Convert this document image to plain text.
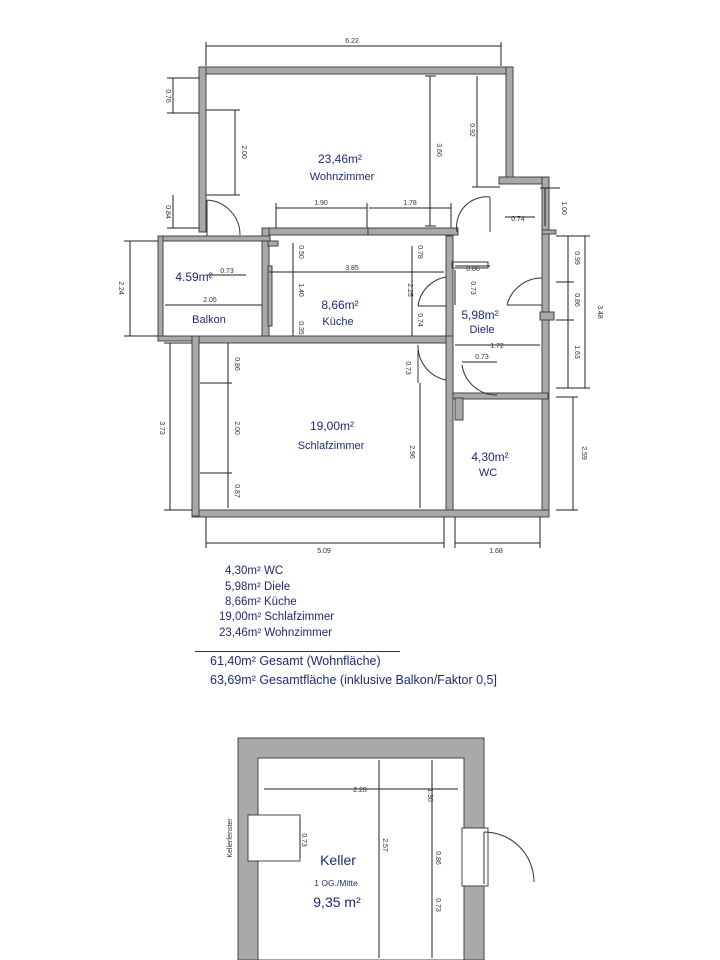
6.22
0.76
2.00
0.84
3.60
0.92
1.00
0.74
1.90	1.78
2.24
0.73
2.05
0.50
3.85
1.40
0.35
2.25
0.78
0.74
0.86
0.73
0.99
0.86
3.48
1.63
1.72
0.73
0.73
0.86
3.73	2.00
2.96
0.87
2.59
5.09	1.68
23,46m²
Wohnzimmer
8,66m²
Küche
4.59m²
Balkon	5,98m²
Diele
19,00m²
Schlafzimmer
4,30m²
WC
2.28	1.30
0.73	2.57
0.86
0.73
Keller
1 OG./Mitte
9,35 m²
Kellerfenster
4,30m² WC
5,98m² Diele
8,66m² Küche
19,00m² Schlafzimmer
23,46m² Wohnzimmer
61,40m² Gesamt (Wohnfläche)
63,69m² Gesamtfläche (inklusive Balkon/Faktor 0,5]
